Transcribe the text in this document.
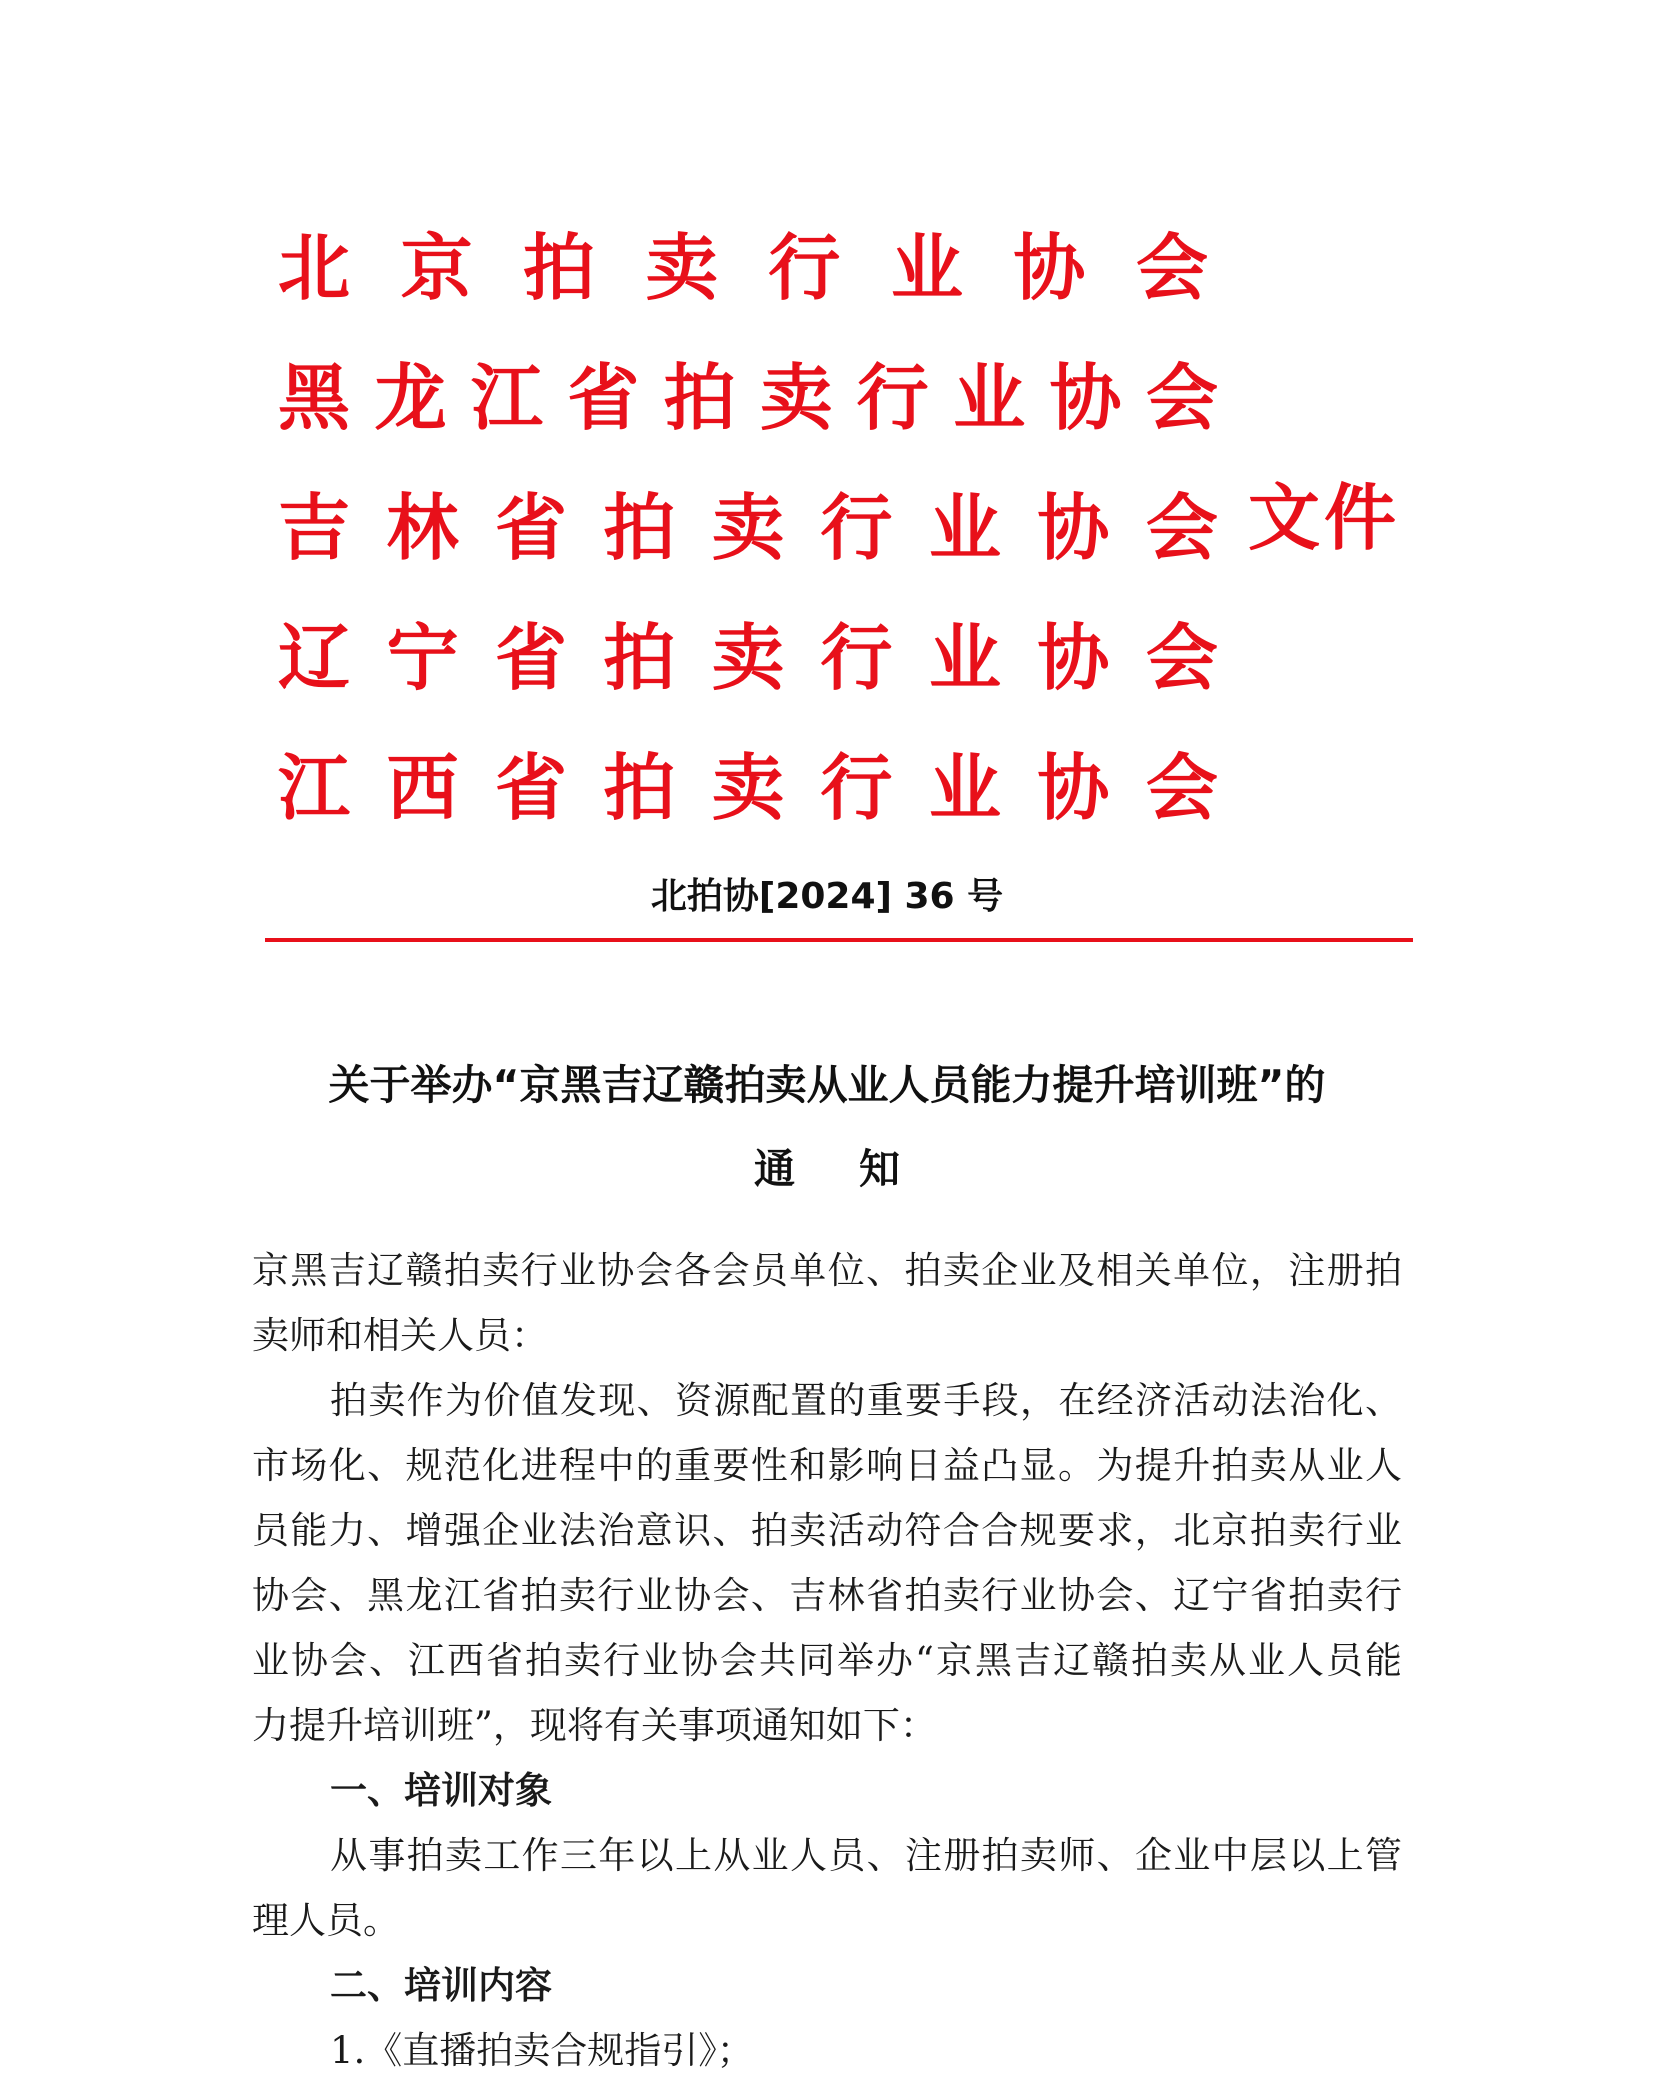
北 京 拍 卖 行 业 协 会
黑 龙 江 省 拍 卖 行 业 协 会
吉 林 省 拍 卖 行 业 协 会
辽 宁 省 拍 卖 行 业 协 会
江 西 省 拍 卖 行 业 协 会
文件
北拍协[2024] 36 号
关于举办“京黑吉辽赣拍卖从业人员能力提升培训班”的
通知
京黑吉辽赣拍卖行业协会各会员单位、拍卖企业及相关单位，注册拍
卖师和相关人员：
拍卖作为价值发现、资源配置的重要手段，在经济活动法治化、
市场化、规范化进程中的重要性和影响日益凸显。为提升拍卖从业人
员能力、增强企业法治意识、拍卖活动符合合规要求，北京拍卖行业
协会、黑龙江省拍卖行业协会、吉林省拍卖行业协会、辽宁省拍卖行
业协会、江西省拍卖行业协会共同举办“京黑吉辽赣拍卖从业人员能
力提升培训班”，现将有关事项通知如下：
一、培训对象
从事拍卖工作三年以上从业人员、注册拍卖师、企业中层以上管
理人员。
二、培训内容
1.《直播拍卖合规指引》；
